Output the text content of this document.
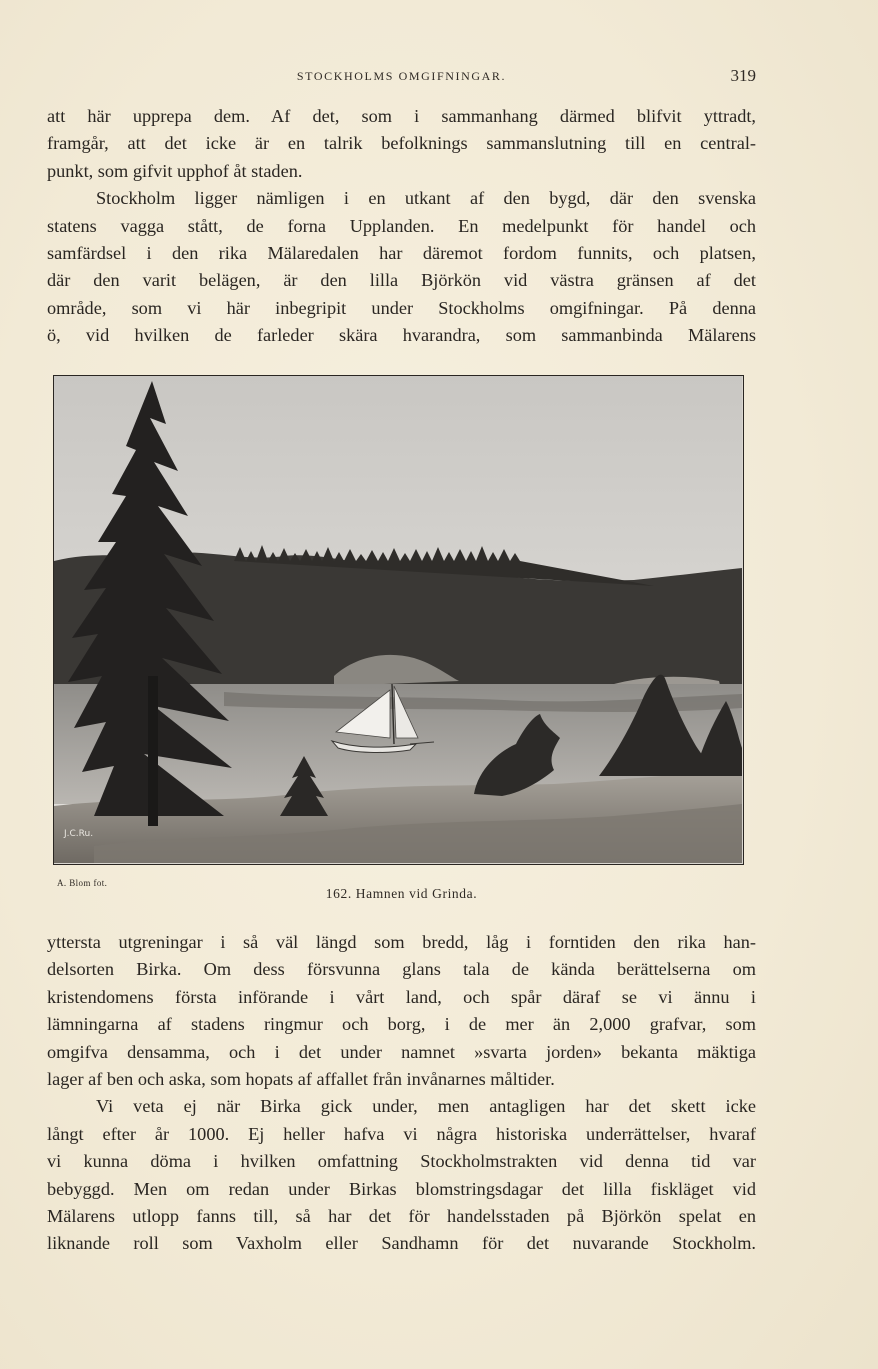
STOCKHOLMS OMGIFNINGAR.	319
att här upprepa dem. Af det, som i sammanhang därmed blifvit yttradt,
framgår, att det icke är en talrik befolknings sammanslutning till en central-
punkt, som gifvit upphof åt staden.
Stockholm ligger nämligen i en utkant af den bygd, där den svenska
statens vagga stått, de forna Upplanden. En medelpunkt för handel och
samfärdsel i den rika Mälaredalen har däremot fordom funnits, och platsen,
där den varit belägen, är den lilla Björkön vid västra gränsen af det
område, som vi här inbegripit under Stockholms omgifningar. På denna
ö, vid hvilken de farleder skära hvarandra, som sammanbinda Mälarens
J.C.Ru.
A. Blom fot.
162. Hamnen vid Grinda.
yttersta utgreningar i så väl längd som bredd, låg i forntiden den rika han-
delsorten Birka. Om dess försvunna glans tala de kända berättelserna om
kristendomens första införande i vårt land, och spår däraf se vi ännu i
lämningarna af stadens ringmur och borg, i de mer än 2,000 grafvar, som
omgifva densamma, och i det under namnet »svarta jorden» bekanta mäktiga
lager af ben och aska, som hopats af affallet från invånarnes måltider.
Vi veta ej när Birka gick under, men antagligen har det skett icke
långt efter år 1000. Ej heller hafva vi några historiska underrättelser, hvaraf
vi kunna döma i hvilken omfattning Stockholmstrakten vid denna tid var
bebyggd. Men om redan under Birkas blomstringsdagar det lilla fiskläget vid
Mälarens utlopp fanns till, så har det för handelsstaden på Björkön spelat en
liknande roll som Vaxholm eller Sandhamn för det nuvarande Stockholm.
